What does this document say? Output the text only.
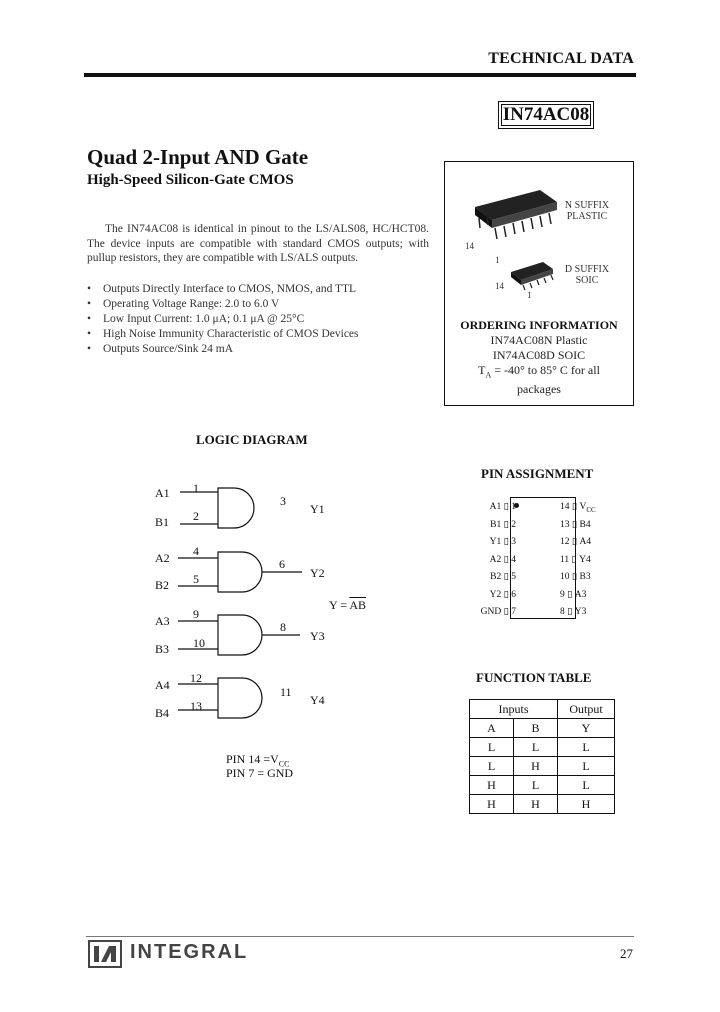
TECHNICAL DATA
IN74AC08
Quad 2-Input AND Gate
High-Speed Silicon-Gate CMOS

The IN74AC08 is identical in pinout to the LS/ALS08, HC/HCT08. The device inputs are compatible with standard CMOS outputs; with pullup resistors, they are compatible with LS/ALS outputs.

• Outputs Directly Interface to CMOS, NMOS, and TTL
• Operating Voltage Range: 2.0 to 6.0 V
• Low Input Current: 1.0 μA; 0.1 μA @ 25°C
• High Noise Immunity Characteristic of CMOS Devices
• Outputs Source/Sink 24 mA
14
1
14
1
N SUFFIX
PLASTIC
D SUFFIX
SOIC
ORDERING INFORMATION
IN74AC08N Plastic
IN74AC08D SOIC
$T_A = -40^\circ$ to 85° C for all
packages
LOGIC DIAGRAM
A1
B1
1
2
3
Y1
A2
B2
4
5
6
Y2
$Y = \overline{AB}$
A3
B3
9
10
8
Y3
A4
B4
12
13
11
Y4
PIN $14 =V_{CC}$
PIN 7 = GND
PIN ASSIGNMENT
A1 ▯ 1
B1 ▯ 2
Y1 ▯ 3
A2 ▯ 4
B2 ▯ 5
Y2 ▯ 6
GND ▯ 7
14 ▯ $V_{CC}$
13 ▯ B4
12 ▯ A4
11 ▯ Y4
10 ▯ B3
9 ▯ A3
8 ▯ Y3
FUNCTION TABLE
Inputs		Output
A	B	Y
L	L	L
L	H	L
H	L	L
H	H	H
INTEGRAL	27
